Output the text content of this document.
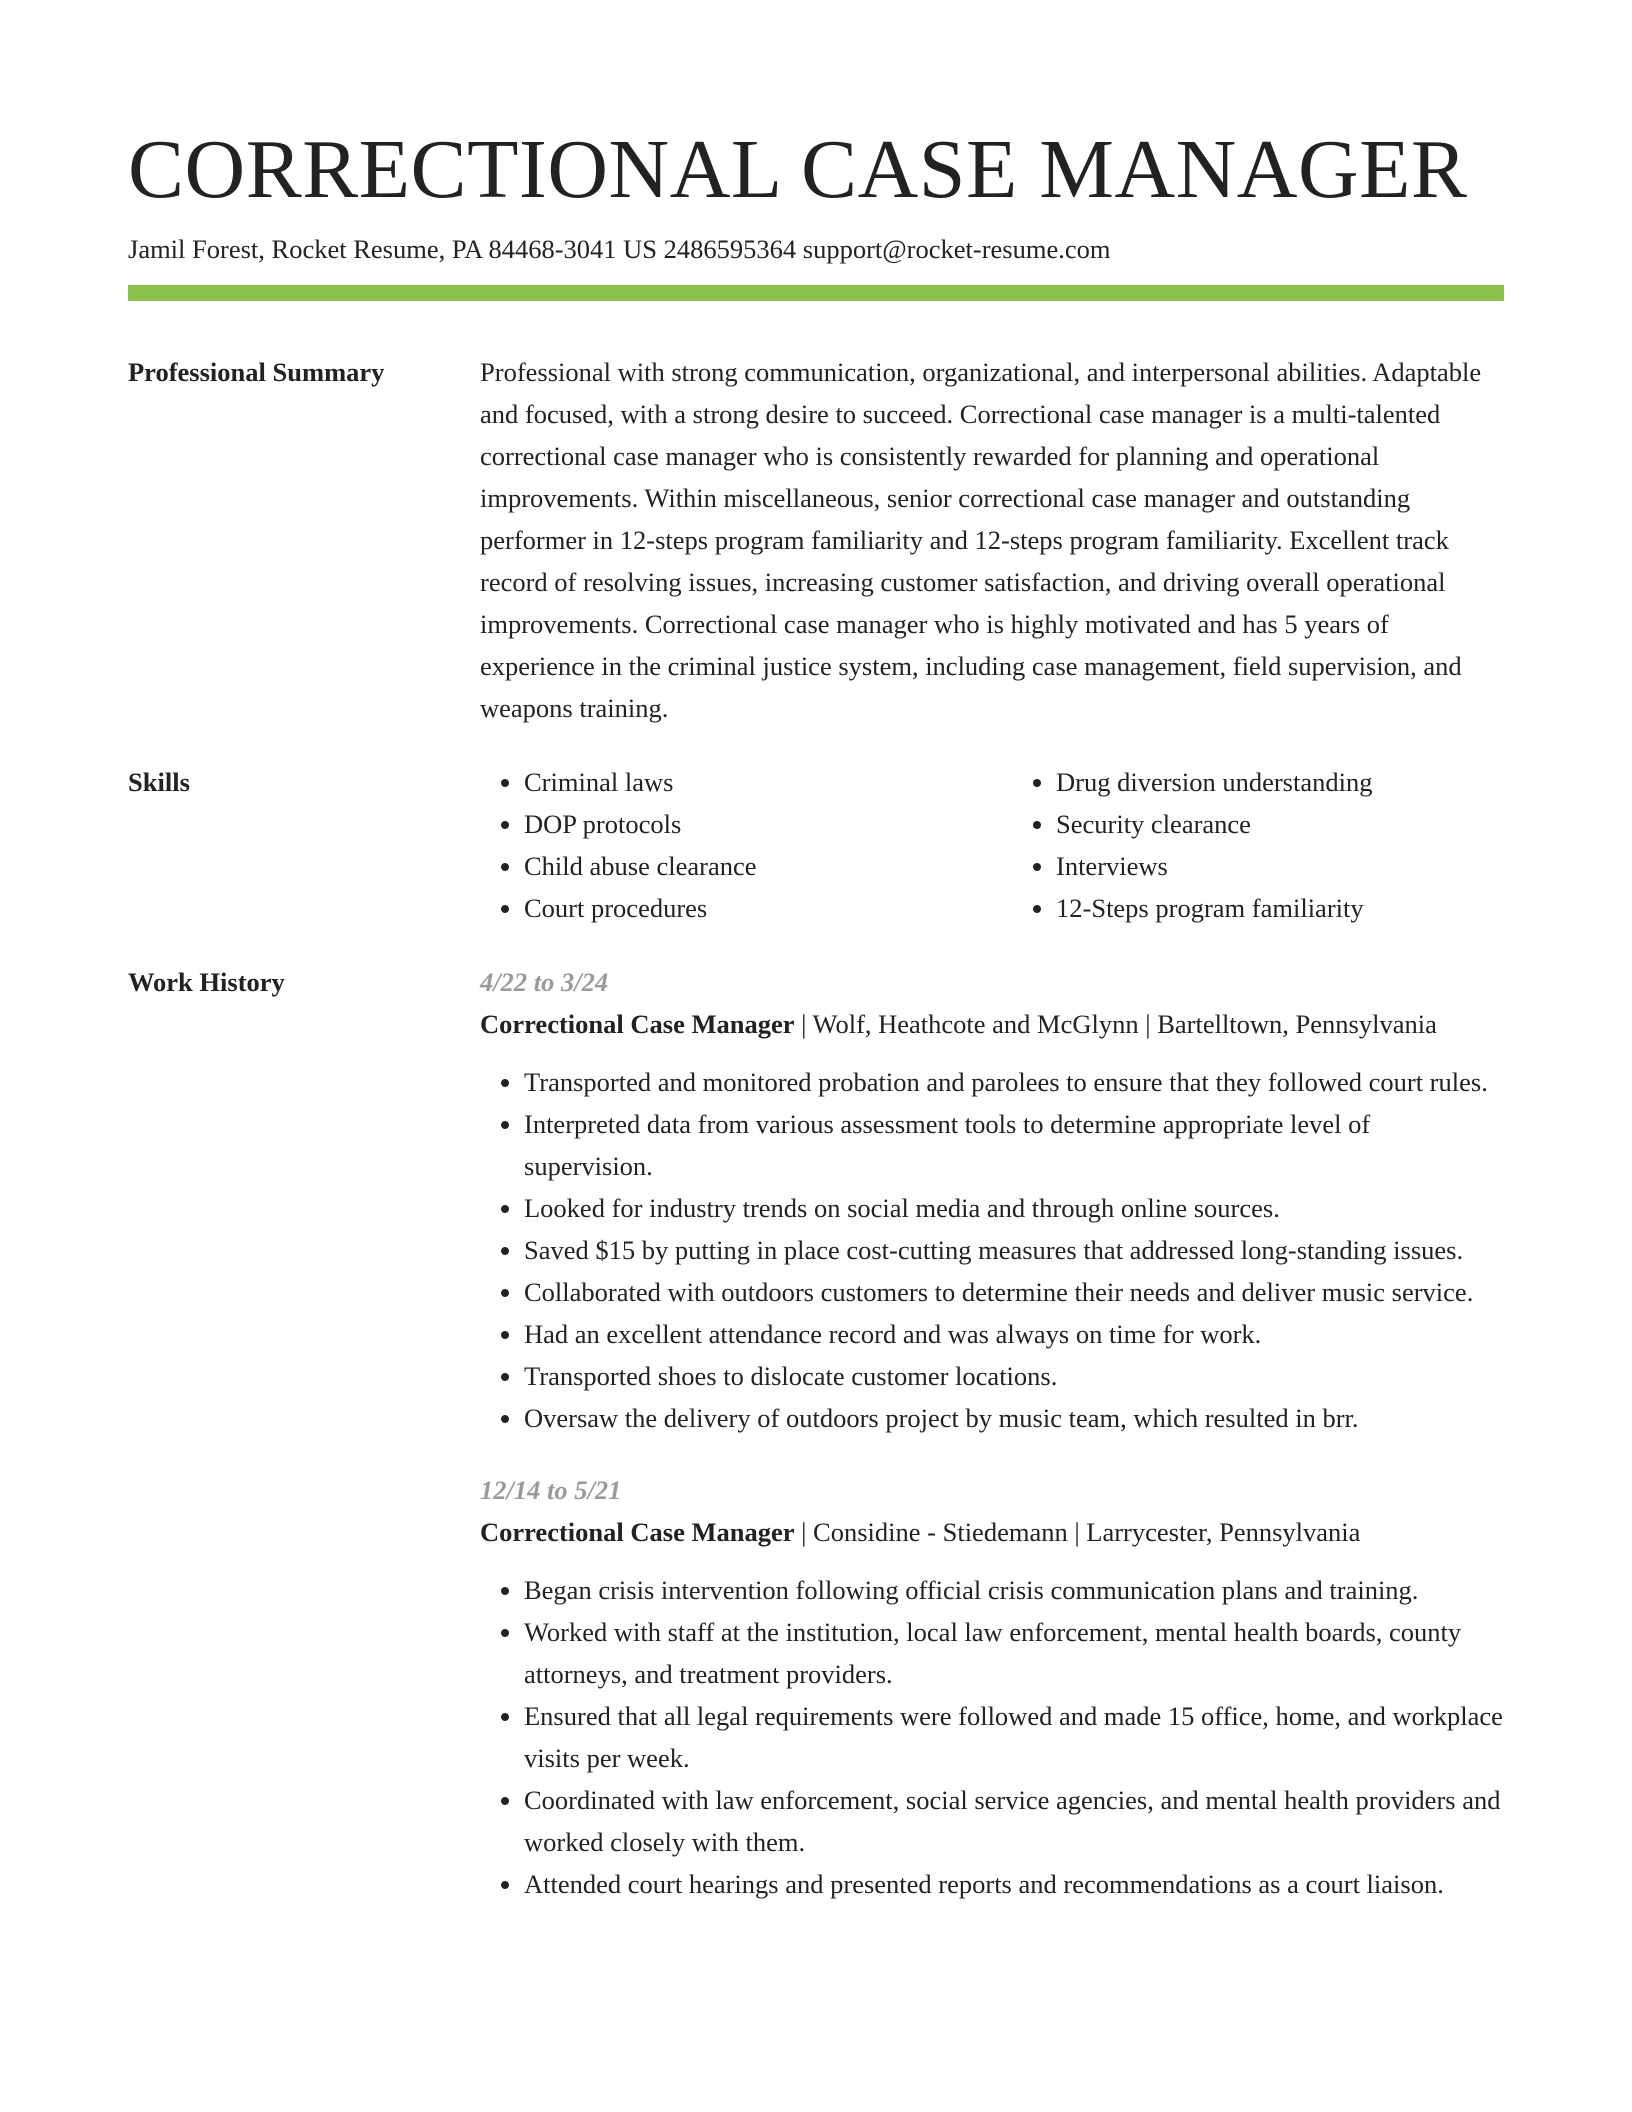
CORRECTIONAL CASE MANAGER
Jamil Forest, Rocket Resume, PA 84468-3041 US 2486595364 support@rocket-resume.com
Professional Summary	Professional with strong communication, organizational, and interpersonal abilities. Adaptable and focused, with a strong desire to succeed. Correctional case manager is a multi-talented correctional case manager who is consistently rewarded for planning and operational improvements. Within miscellaneous, senior correctional case manager and outstanding performer in 12-steps program familiarity and 12-steps program familiarity. Excellent track record of resolving issues, increasing customer satisfaction, and driving overall operational improvements. Correctional case manager who is highly motivated and has 5 years of experience in the criminal justice system, including case management, field supervision, and weapons training.

Skills
•	Criminal laws
• DOP protocols
• Child abuse clearance
• Court procedures
• Drug diversion understanding
• Security clearance
• Interviews
• 12-Steps program familiarity
Work History	4/22 to 3/24
Correctional Case Manager | Wolf, Heathcote and McGlynn | Bartelltown, Pennsylvania
• Transported and monitored probation and parolees to ensure that they followed court rules.
• Interpreted data from various assessment tools to determine appropriate level of supervision.
• Looked for industry trends on social media and through online sources.
• Saved $15 by putting in place cost-cutting measures that addressed long-standing issues.
• Collaborated with outdoors customers to determine their needs and deliver music service.
• Had an excellent attendance record and was always on time for work.
• Transported shoes to dislocate customer locations.
• Oversaw the delivery of outdoors project by music team, which resulted in brr.
12/14 to 5/21
Correctional Case Manager | Considine - Stiedemann | Larrycester, Pennsylvania
• Began crisis intervention following official crisis communication plans and training.
• Worked with staff at the institution, local law enforcement, mental health boards, county attorneys, and treatment providers.
• Ensured that all legal requirements were followed and made 15 office, home, and workplace visits per week.
• Coordinated with law enforcement, social service agencies, and mental health providers and worked closely with them.
• Attended court hearings and presented reports and recommendations as a court liaison.
